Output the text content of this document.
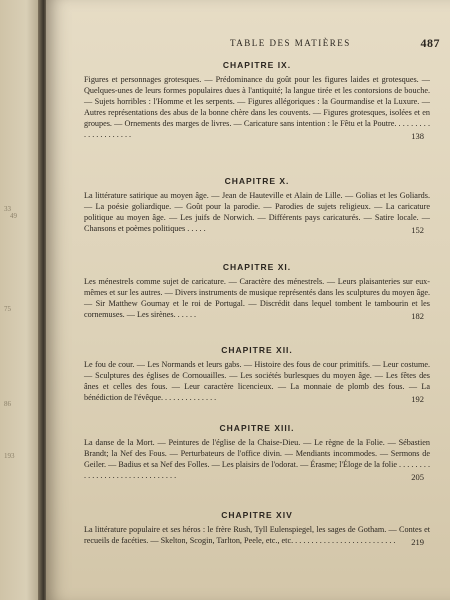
33
49
75
86
193
TABLE DES MATIÈRES	487
CHAPITRE IX.

Figures et personnages grotesques. — Prédominance du goût pour les figures laides et grotesques. — Quelques-unes de leurs formes populaires dues à l'antiquité; la langue tirée et les contorsions de bouche. — Sujets horribles : l'Homme et les serpents. — Figures allégoriques : la Gourmandise et la Luxure. — Autres représentations des abus de la bonne chère dans les couvents. — Figures grotesques, isolées et en groupes. — Ornements des marges de livres. — Caricature sans intention : le Fêtu et la Poutre. . . . . . . . . . . . . . . . . . . . .	138
CHAPITRE X.

La littérature satirique au moyen âge. — Jean de Hauteville et Alain de Lille. — Golias et les Goliards. — La poésie goliardique. — Goût pour la parodie. — Parodies de sujets religieux. — La caricature politique au moyen âge. — Les juifs de Norwich. — Différents pays caricaturés. — Satire locale. — Chansons et poèmes politiques . . . . .	152
CHAPITRE XI.

Les ménestrels comme sujet de caricature. — Caractère des ménestrels. — Leurs plaisanteries sur eux-mêmes et sur les autres. — Divers instruments de musique représentés dans les sculptures du moyen âge. — Sir Matthew Gournay et le roi de Portugal. — Discrédit dans lequel tombent le tambourin et les cornemuses. — Les sirènes. . . . . .	182
CHAPITRE XII.

Le fou de cour. — Les Normands et leurs gabs. — Histoire des fous de cour primitifs. — Leur costume. — Sculptures des églises de Cornouailles. — Les sociétés burlesques du moyen âge. — Les fêtes des ânes et celles des fous. — Leur caractère licencieux. — La monnaie de plomb des fous. — La bénédiction de l'évêque. . . . . . . . . . . . . .	192
CHAPITRE XIII.

La danse de la Mort. — Peintures de l'église de la Chaise-Dieu. — Le règne de la Folie. — Sébastien Brandt; la Nef des Fous. — Perturbateurs de l'office divin. — Mendiants incommodes. — Sermons de Geiler. — Badius et sa Nef des Folles. — Les plaisirs de l'odorat. — Érasme; l'Éloge de la folie . . . . . . . . . . . . . . . . . . . . . . . . . . . . . . .	205
CHAPITRE XIV

La littérature populaire et ses héros : le frère Rush, Tyll Eulenspiegel, les sages de Gotham. — Contes et recueils de facéties. — Skelton, Scogin, Tarlton, Peele, etc., etc. . . . . . . . . . . . . . . . . . . . . . . . . .	219
